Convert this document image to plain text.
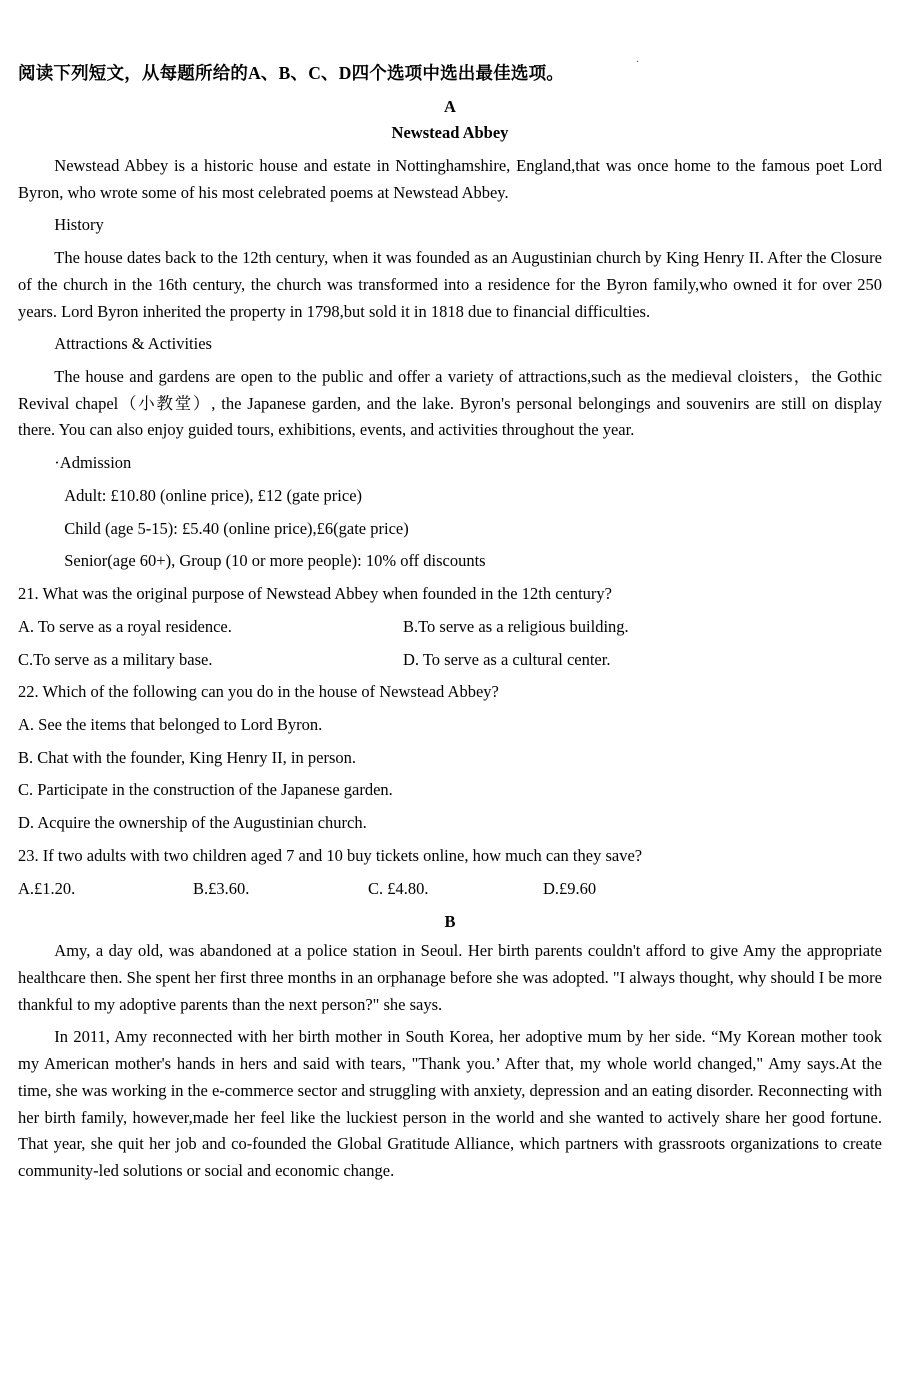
.
阅读下列短文，从每题所给的A、B、C、D四个选项中选出最佳选项。
A
Newstead Abbey

Newstead Abbey is a historic house and estate in Nottinghamshire, England,that was once home to the famous poet Lord Byron, who wrote some of his most celebrated poems at Newstead Abbey.

History

The house dates back to the 12th century, when it was founded as an Augustinian church by King Henry II. After the Closure of the church in the 16th century, the church was transformed into a residence for the Byron family,who owned it for over 250 years. Lord Byron inherited the property in 1798,but sold it in 1818 due to financial difficulties.

Attractions & Activities

The house and gardens are open to the public and offer a variety of attractions,such as the medieval cloisters，the Gothic Revival chapel（小教堂）, the Japanese garden, and the lake. Byron's personal belongings and souvenirs are still on display there. You can also enjoy guided tours, exhibitions, events, and activities throughout the year.

·Admission

Adult: £10.80 (online price), £12 (gate price)

Child (age 5-15): £5.40 (online price),£6(gate price)

Senior(age 60+), Group (10 or more people): 10% off discounts

21. What was the original purpose of Newstead Abbey when founded in the 12th century?

A. To serve as a royal residence.	B.To serve as a religious building.
C.To serve as a military base.	D. To serve as a cultural center.

22. Which of the following can you do in the house of Newstead Abbey?

A. See the items that belonged to Lord Byron.

B. Chat with the founder, King Henry II, in person.

C. Participate in the construction of the Japanese garden.

D. Acquire the ownership of the Augustinian church.

23. If two adults with two children aged 7 and 10 buy tickets online, how much can they save?

A.£1.20.	B.£3.60.	C. £4.80.	D.£9.60
B

Amy, a day old, was abandoned at a police station in Seoul. Her birth parents couldn't afford to give Amy the appropriate healthcare then. She spent her first three months in an orphanage before she was adopted. "I always thought, why should I be more thankful to my adoptive parents than the next person?" she says.

In 2011, Amy reconnected with her birth mother in South Korea, her adoptive mum by her side. “My Korean mother took my American mother's hands in hers and said with tears, "Thank you.’ After that, my whole world changed," Amy says.At the time, she was working in the e-commerce sector and struggling with anxiety, depression and an eating disorder. Reconnecting with her birth family, however,made her feel like the luckiest person in the world and she wanted to actively share her good fortune. That year, she quit her job and co-founded the Global Gratitude Alliance, which partners with grassroots organizations to create community-led solutions or social and economic change.
